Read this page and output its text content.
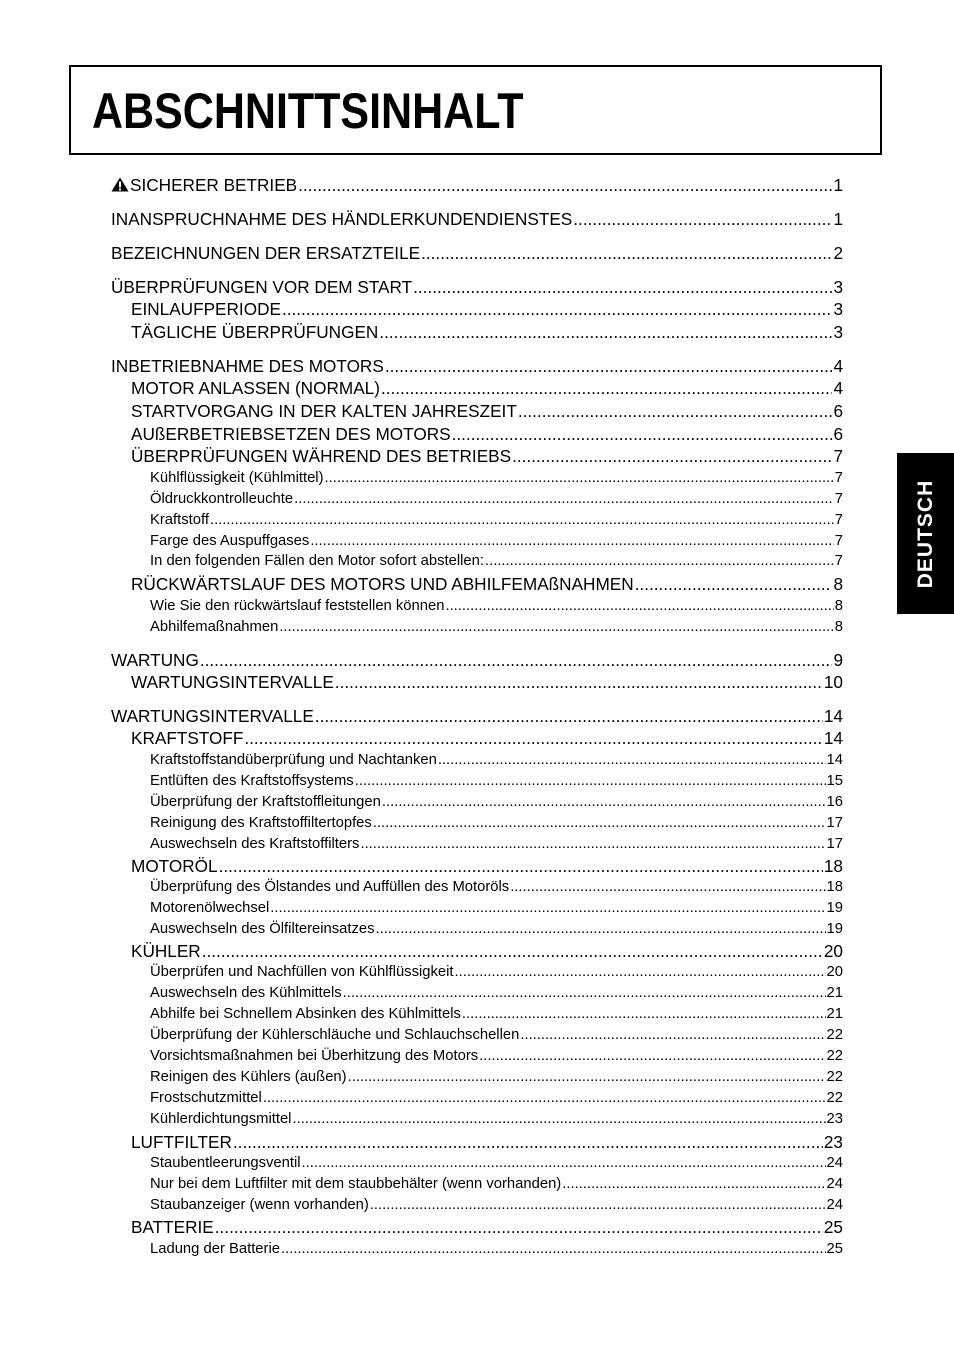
ABSCHNITTSINHALT
DEUTSCH
SICHERER BETRIEB .....	1
INANSPRUCHNAHME DES HÄNDLERKUNDENDIENSTES .....	1
BEZEICHNUNGEN DER ERSATZTEILE .....	2
ÜBERPRÜFUNGEN VOR DEM START .....	3
EINLAUFPERIODE .....	3
TÄGLICHE ÜBERPRÜFUNGEN .....	3
INBETRIEBNAHME DES MOTORS .....	4
MOTOR ANLASSEN (NORMAL) .....	4
STARTVORGANG IN DER KALTEN JAHRESZEIT .....	6
AUßERBETRIEBSETZEN DES MOTORS .....	6
ÜBERPRÜFUNGEN WÄHREND DES BETRIEBS .....	7
Kühlflüssigkeit (Kühlmittel) .....	7
Öldruckkontrolleuchte .....	7
Kraftstoff .....	7
Farge des Auspuffgases .....	7
In den folgenden Fällen den Motor sofort abstellen: .....	7
RÜCKWÄRTSLAUF DES MOTORS UND ABHILFEMAßNAHMEN .....	8
Wie Sie den rückwärtslauf feststellen können .....	8
Abhilfemaßnahmen .....	8
WARTUNG .....	9
WARTUNGSINTERVALLE .....	10
WARTUNGSINTERVALLE .....	14
KRAFTSTOFF .....	14
Kraftstoffstandüberprüfung und Nachtanken .....	14
Entlüften des Kraftstoffsystems .....	15
Überprüfung der Kraftstoffleitungen .....	16
Reinigung des Kraftstoffiltertopfes .....	17
Auswechseln des Kraftstoffilters .....	17
MOTORÖL .....	18
Überprüfung des Ölstandes und Auffüllen des Motoröls .....	18
Motorenölwechsel .....	19
Auswechseln des Ölfiltereinsatzes .....	19
KÜHLER .....	20
Überprüfen und Nachfüllen von Kühlflüssigkeit .....	20
Auswechseln des Kühlmittels .....	21
Abhilfe bei Schnellem Absinken des Kühlmittels .....	21
Überprüfung der Kühlerschläuche und Schlauchschellen .....	22
Vorsichtsmaßnahmen bei Überhitzung des Motors .....	22
Reinigen des Kühlers (außen) .....	22
Frostschutzmittel .....	22
Kühlerdichtungsmittel .....	23
LUFTFILTER .....	23
Staubentleerungsventil .....	24
Nur bei dem Luftfilter mit dem staubbehälter (wenn vorhanden) .....	24
Staubanzeiger (wenn vorhanden) .....	24
BATTERIE .....	25
Ladung der Batterie .....	25
